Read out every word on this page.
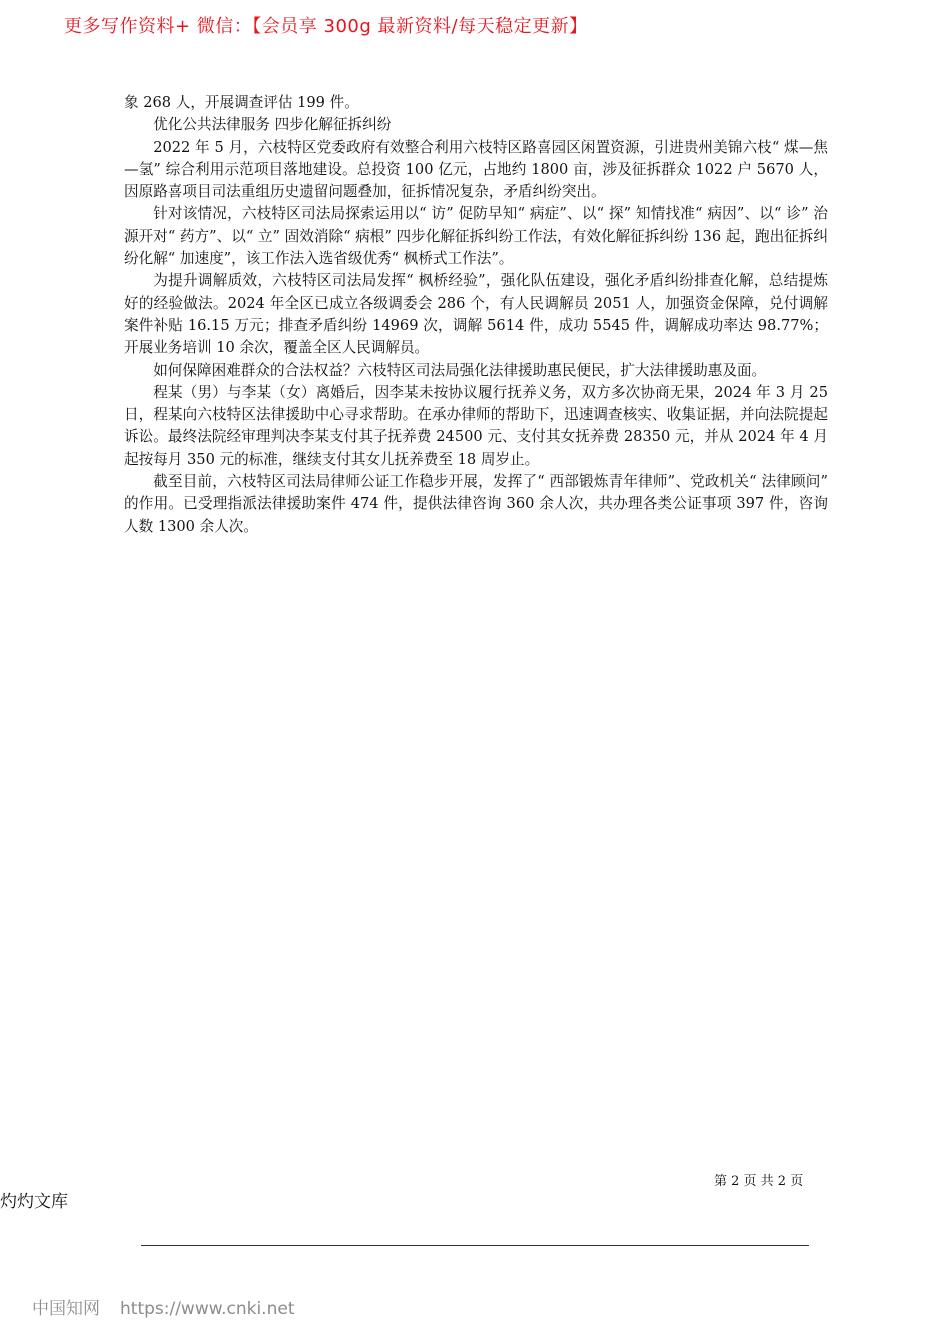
更多写作资料+ 微信：【会员享 300g 最新资料/每天稳定更新】

象 268 人，开展调查评估 199 件。

优化公共法律服务 四步化解征拆纠纷

2022 年 5 月，六枝特区党委政府有效整合利用六枝特区路喜园区闲置资源，引进贵州美锦六枝“ 煤—焦—氢” 综合利用示范项目落地建设。总投资 100 亿元，占地约 1800 亩，涉及征拆群众 1022 户 5670 人，因原路喜项目司法重组历史遗留问题叠加，征拆情况复杂，矛盾纠纷突出。

针对该情况，六枝特区司法局探索运用以“ 访” 促防早知“ 病症”、以“ 探” 知情找准“ 病因”、以“ 诊” 治源开对“ 药方”、以“ 立” 固效消除“ 病根” 四步化解征拆纠纷工作法，有效化解征拆纠纷 136 起，跑出征拆纠纷化解“ 加速度”，该工作法入选省级优秀“ 枫桥式工作法”。

为提升调解质效，六枝特区司法局发挥“ 枫桥经验”，强化队伍建设，强化矛盾纠纷排查化解，总结提炼好的经验做法。2024 年全区已成立各级调委会 286 个，有人民调解员 2051 人，加强资金保障，兑付调解案件补贴 16.15 万元；排查矛盾纠纷 14969 次，调解 5614 件，成功 5545 件，调解成功率达 98.77%；开展业务培训 10 余次，覆盖全区人民调解员。

如何保障困难群众的合法权益？六枝特区司法局强化法律援助惠民便民，扩大法律援助惠及面。

程某（男）与李某（女）离婚后，因李某未按协议履行抚养义务，双方多次协商无果，2024 年 3 月 25 日，程某向六枝特区法律援助中心寻求帮助。在承办律师的帮助下，迅速调查核实、收集证据，并向法院提起诉讼。最终法院经审理判决李某支付其子抚养费 24500 元、支付其女抚养费 28350 元，并从 2024 年 4 月起按每月 350 元的标准，继续支付其女儿抚养费至 18 周岁止。

截至目前，六枝特区司法局律师公证工作稳步开展，发挥了“ 西部锻炼青年律师”、党政机关“ 法律顾问” 的作用。已受理指派法律援助案件 474 件，提供法律咨询 360 余人次，共办理各类公证事项 397 件，咨询人数 1300 余人次。

第 2 页 共 2 页
灼灼文库
中国知网 https://www.cnki.net
